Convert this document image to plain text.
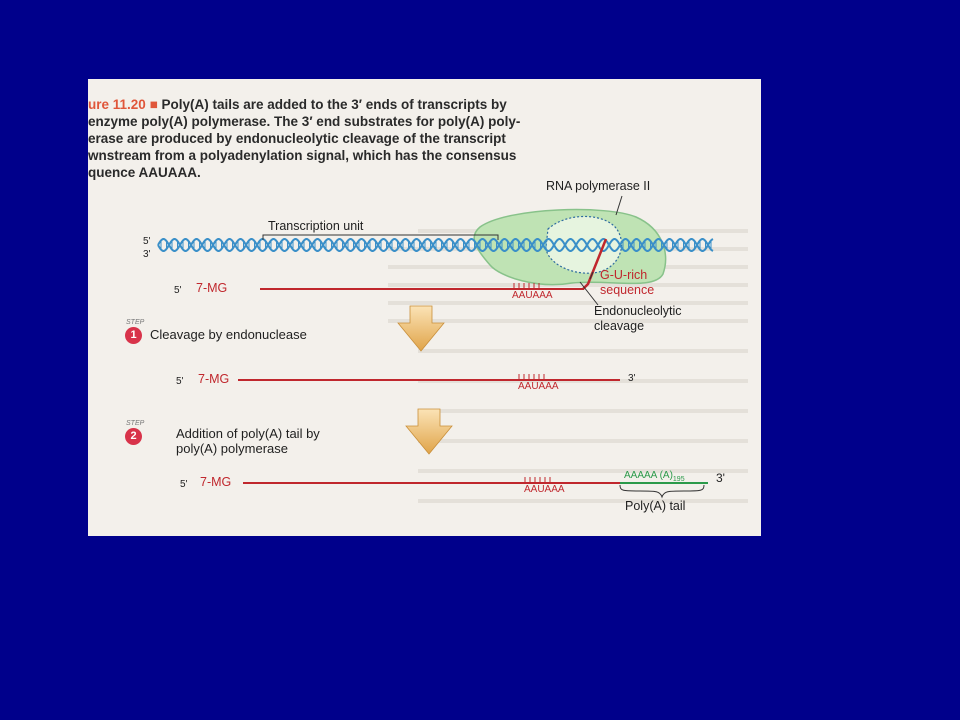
ure 11.20 ■ Poly(A) tails are added to the 3′ ends of transcripts by
enzyme poly(A) polymerase. The 3′ end substrates for poly(A) poly-
erase are produced by endonucleolytic cleavage of the transcript
wnstream from a polyadenylation signal, which has the consensus
quence AAUAAA.
RNA polymerase II
Transcription unit
5'
3'
5' 7-MG
AAUAAA
G-U-rich
sequence
Endonucleolytic
cleavage
STEP
1	Cleavage by endonuclease
5' 7-MG
AAUAAA
3'
STEP
2	Addition of poly(A) tail by
poly(A) polymerase
5' 7-MG
AAUAAA
AAAAA $(A)_{195}$	3'
Poly(A) tail
